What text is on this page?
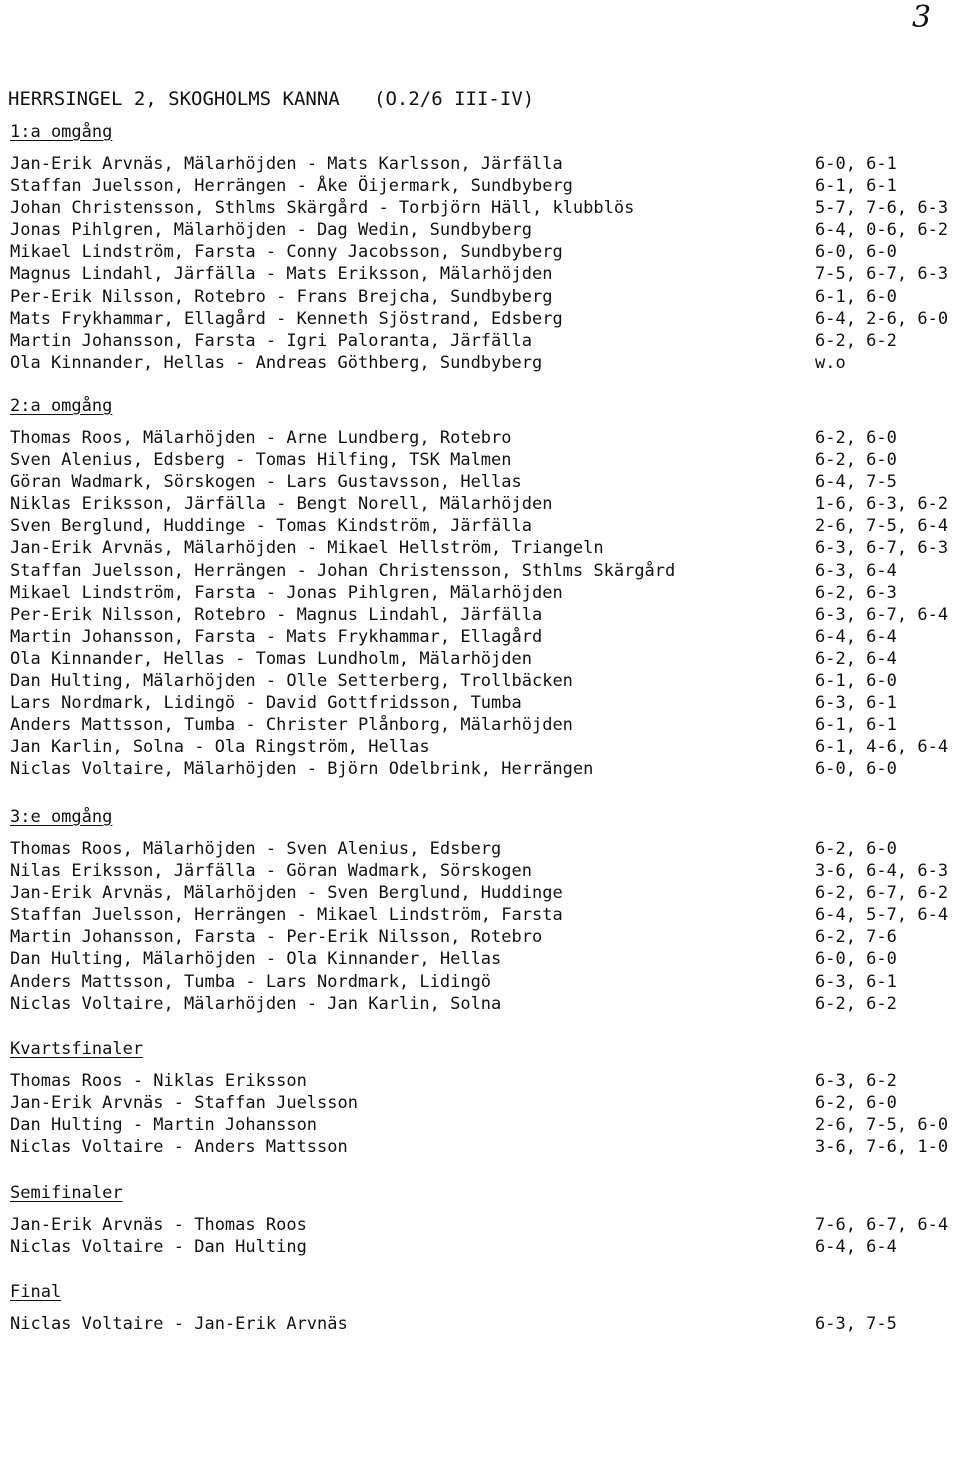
3
HERRSINGEL 2, SKOGHOLMS KANNA   (O.2/6 III-IV)
1:a omgång
Jan-Erik Arvnäs, Mälarhöjden - Mats Karlsson, Järfälla	6-0, 6-1
Staffan Juelsson, Herrängen - Åke Öijermark, Sundbyberg	6-1, 6-1
Johan Christensson, Sthlms Skärgård - Torbjörn Häll, klubblös	5-7, 7-6, 6-3
Jonas Pihlgren, Mälarhöjden - Dag Wedin, Sundbyberg	6-4, 0-6, 6-2
Mikael Lindström, Farsta - Conny Jacobsson, Sundbyberg	6-0, 6-0
Magnus Lindahl, Järfälla - Mats Eriksson, Mälarhöjden	7-5, 6-7, 6-3
Per-Erik Nilsson, Rotebro - Frans Brejcha, Sundbyberg	6-1, 6-0
Mats Frykhammar, Ellagård - Kenneth Sjöstrand, Edsberg	6-4, 2-6, 6-0
Martin Johansson, Farsta - Igri Paloranta, Järfälla	6-2, 6-2
Ola Kinnander, Hellas - Andreas Göthberg, Sundbyberg	w.o
2:a omgång
Thomas Roos, Mälarhöjden - Arne Lundberg, Rotebro	6-2, 6-0
Sven Alenius, Edsberg - Tomas Hilfing, TSK Malmen	6-2, 6-0
Göran Wadmark, Sörskogen - Lars Gustavsson, Hellas	6-4, 7-5
Niklas Eriksson, Järfälla - Bengt Norell, Mälarhöjden	1-6, 6-3, 6-2
Sven Berglund, Huddinge - Tomas Kindström, Järfälla	2-6, 7-5, 6-4
Jan-Erik Arvnäs, Mälarhöjden - Mikael Hellström, Triangeln	6-3, 6-7, 6-3
Staffan Juelsson, Herrängen - Johan Christensson, Sthlms Skärgård	6-3, 6-4
Mikael Lindström, Farsta - Jonas Pihlgren, Mälarhöjden	6-2, 6-3
Per-Erik Nilsson, Rotebro - Magnus Lindahl, Järfälla	6-3, 6-7, 6-4
Martin Johansson, Farsta - Mats Frykhammar, Ellagård	6-4, 6-4
Ola Kinnander, Hellas - Tomas Lundholm, Mälarhöjden	6-2, 6-4
Dan Hulting, Mälarhöjden - Olle Setterberg, Trollbäcken	6-1, 6-0
Lars Nordmark, Lidingö - David Gottfridsson, Tumba	6-3, 6-1
Anders Mattsson, Tumba - Christer Plånborg, Mälarhöjden	6-1, 6-1
Jan Karlin, Solna - Ola Ringström, Hellas	6-1, 4-6, 6-4
Niclas Voltaire, Mälarhöjden - Björn Odelbrink, Herrängen	6-0, 6-0
3:e omgång
Thomas Roos, Mälarhöjden - Sven Alenius, Edsberg	6-2, 6-0
Nilas Eriksson, Järfälla - Göran Wadmark, Sörskogen	3-6, 6-4, 6-3
Jan-Erik Arvnäs, Mälarhöjden - Sven Berglund, Huddinge	6-2, 6-7, 6-2
Staffan Juelsson, Herrängen - Mikael Lindström, Farsta	6-4, 5-7, 6-4
Martin Johansson, Farsta - Per-Erik Nilsson, Rotebro	6-2, 7-6
Dan Hulting, Mälarhöjden - Ola Kinnander, Hellas	6-0, 6-0
Anders Mattsson, Tumba - Lars Nordmark, Lidingö	6-3, 6-1
Niclas Voltaire, Mälarhöjden - Jan Karlin, Solna	6-2, 6-2
Kvartsfinaler
Thomas Roos - Niklas Eriksson	6-3, 6-2
Jan-Erik Arvnäs - Staffan Juelsson	6-2, 6-0
Dan Hulting - Martin Johansson	2-6, 7-5, 6-0
Niclas Voltaire - Anders Mattsson	3-6, 7-6, 1-0
Semifinaler
Jan-Erik Arvnäs - Thomas Roos	7-6, 6-7, 6-4
Niclas Voltaire - Dan Hulting	6-4, 6-4
Final
Niclas Voltaire - Jan-Erik Arvnäs	6-3, 7-5
